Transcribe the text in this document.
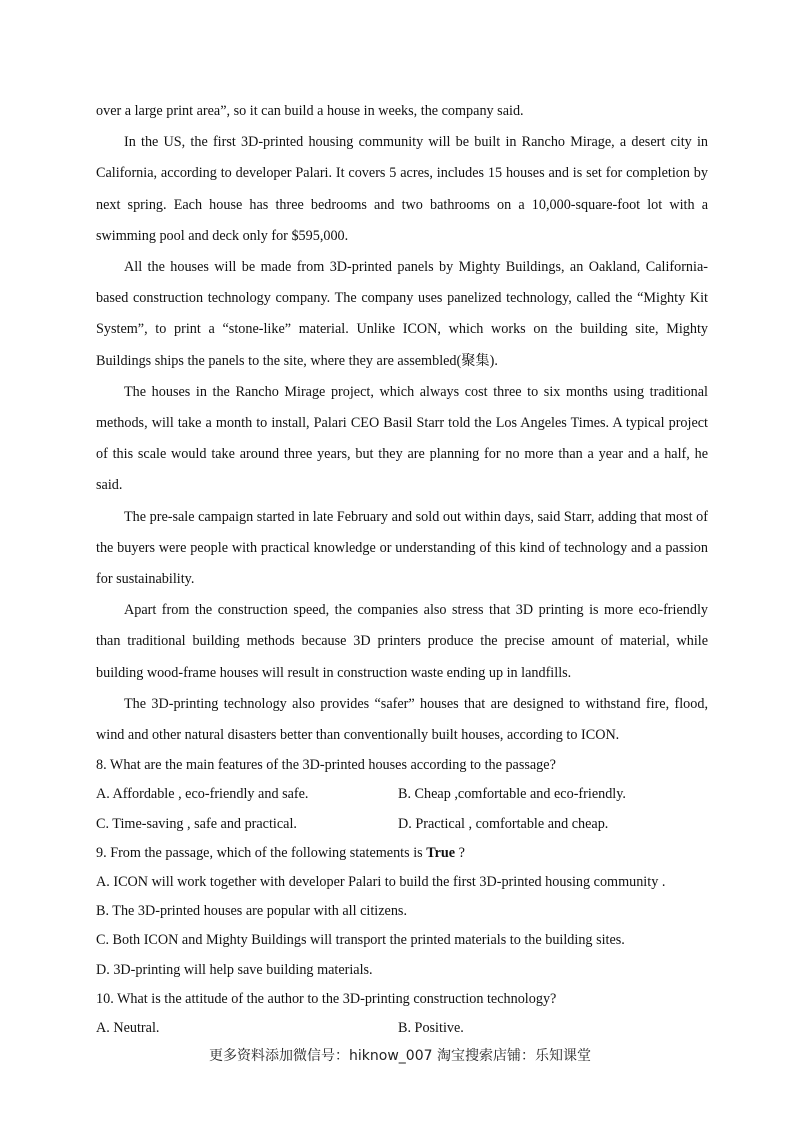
over a large print area”, so it can build a house in weeks, the company said.

In the US, the first 3D-printed housing community will be built in Rancho Mirage, a desert city in California, according to developer Palari. It covers 5 acres, includes 15 houses and is set for completion by next spring. Each house has three bedrooms and two bathrooms on a 10,000-square-foot lot with a swimming pool and deck only for $595,000.

All the houses will be made from 3D-printed panels by Mighty Buildings, an Oakland, California-based construction technology company. The company uses panelized technology, called the “Mighty Kit System”, to print a “stone-like” material. Unlike ICON, which works on the building site, Mighty Buildings ships the panels to the site, where they are assembled(聚集).

The houses in the Rancho Mirage project, which always cost three to six months using traditional methods, will take a month to install, Palari CEO Basil Starr told the Los Angeles Times. A typical project of this scale would take around three years, but they are planning for no more than a year and a half, he said.

The pre-sale campaign started in late February and sold out within days, said Starr, adding that most of the buyers were people with practical knowledge or understanding of this kind of technology and a passion for sustainability.

Apart from the construction speed, the companies also stress that 3D printing is more eco-friendly than traditional building methods because 3D printers produce the precise amount of material, while building wood-frame houses will result in construction waste ending up in landfills.

The 3D-printing technology also provides “safer” houses that are designed to withstand fire, flood, wind and other natural disasters better than conventionally built houses, according to ICON.

8. What are the main features of the 3D-printed houses according to the passage?
A. Affordable , eco-friendly and safe.	B. Cheap ,comfortable and eco-friendly.
C. Time-saving , safe and practical.	D. Practical , comfortable and cheap.
9. From the passage, which of the following statements is True ?
A. ICON will work together with developer Palari to build the first 3D-printed housing community .
B. The 3D-printed houses are popular with all citizens.
C. Both ICON and Mighty Buildings will transport the printed materials to the building sites.
D. 3D-printing will help save building materials.
10. What is the attitude of the author to the 3D-printing construction technology?
A. Neutral.	B. Positive.
更多资料添加微信号：hiknow_007 淘宝搜索店铺：乐知课堂
